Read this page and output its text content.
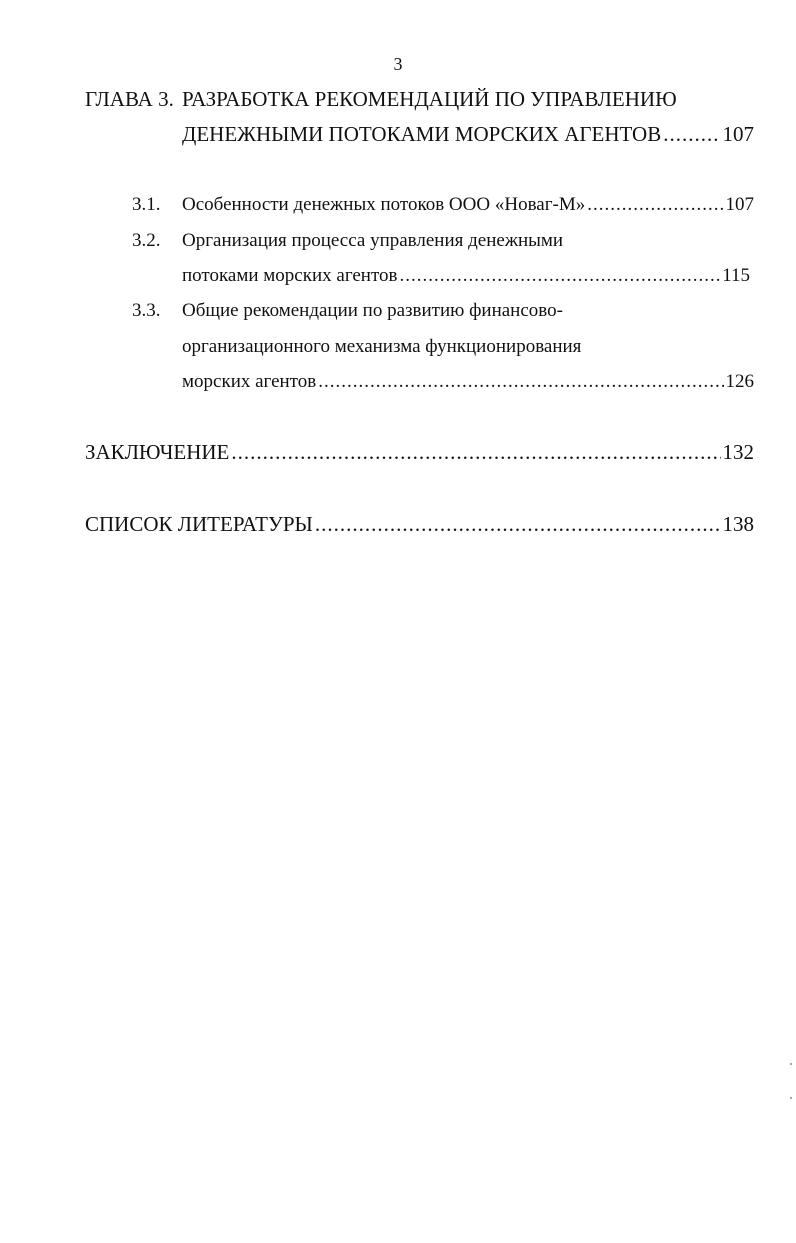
3
ГЛАВА 3. РАЗРАБОТКА РЕКОМЕНДАЦИЙ ПО УПРАВЛЕНИЮ
ДЕНЕЖНЫМИ ПОТОКАМИ МОРСКИХ АГЕНТОВ .....	107
3.1. Особенности денежных потоков ООО «Новаг-М» .....	107
3.2. Организация процесса управления денежными
потоками морских агентов .....	115
3.3. Общие рекомендации по развитию финансово-
организационного механизма функционирования
морских агентов .....	126
ЗАКЛЮЧЕНИЕ .....	132
СПИСОК ЛИТЕРАТУРЫ .....	138
